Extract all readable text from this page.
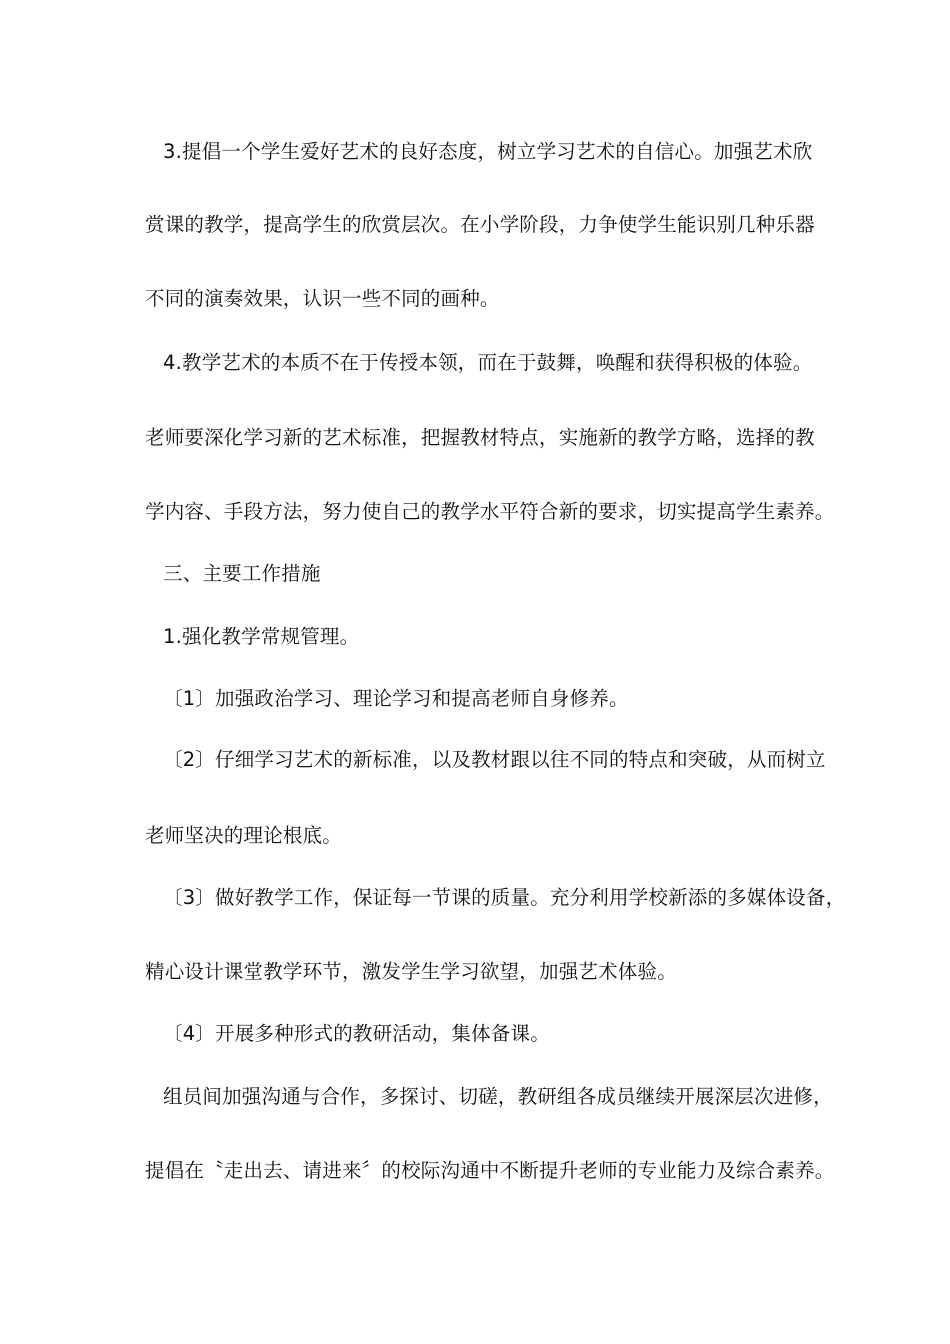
3.提倡一个学生爱好艺术的良好态度，树立学习艺术的自信心。加强艺术欣
赏课的教学，提高学生的欣赏层次。在小学阶段，力争使学生能识别几种乐器
不同的演奏效果，认识一些不同的画种。
4.教学艺术的本质不在于传授本领，而在于鼓舞，唤醒和获得积极的体验。
老师要深化学习新的艺术标准，把握教材特点，实施新的教学方略，选择的教
学内容、手段方法，努力使自己的教学水平符合新的要求，切实提高学生素养。
三、主要工作措施
1.强化教学常规管理。
〔1〕加强政治学习、理论学习和提高老师自身修养。
〔2〕仔细学习艺术的新标准，以及教材跟以往不同的特点和突破，从而树立
老师坚决的理论根底。
〔3〕做好教学工作，保证每一节课的质量。充分利用学校新添的多媒体设备，
精心设计课堂教学环节，激发学生学习欲望，加强艺术体验。
〔4〕开展多种形式的教研活动，集体备课。
组员间加强沟通与合作，多探讨、切磋，教研组各成员继续开展深层次进修，
提倡在〝走出去、请进来〞的校际沟通中不断提升老师的专业能力及综合素养。
